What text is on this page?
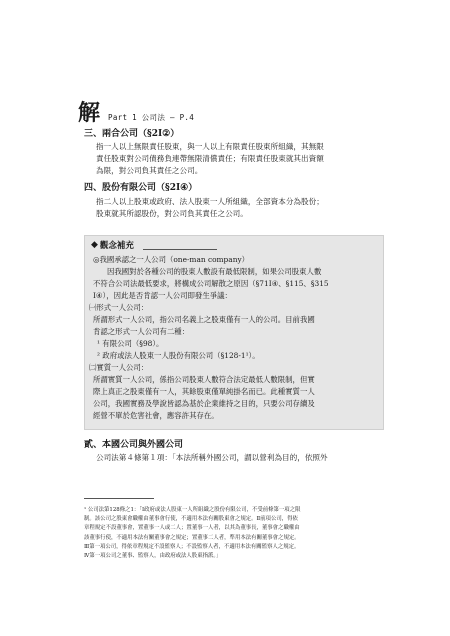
解 Part 1 公司法 — P.4
三、兩合公司（§2Ⅰ②）
指一人以上無限責任股東，與一人以上有限責任股東所組織，其無限
責任股東對公司債務負連帶無限清償責任；有限責任股東就其出資額
為限，對公司負其責任之公司。
四、股份有限公司（§2Ⅰ④）
指二人以上股東或政府、法人股東一人所組織，全部資本分為股份；
股東就其所認股份，對公司負其責任之公司。
◆ 觀念補充
◎我國承認之一人公司（one-man company）
因我國對於各種公司的股東人數設有最低限制，如果公司股東人數
不符合公司法最低要求，將構成公司解散之原因（§71Ⅰ④、§115、§315
Ⅰ④），因此是否肯認一人公司即發生爭議：
㈠形式一人公司：
所謂形式一人公司，指公司名義上之股東僅有一人的公司。目前我國
肯認之形式一人公司有二種：
¹ 有限公司（§98）。
² 政府或法人股東一人股份有限公司（§128-1¹）。
㈡實質一人公司：
所謂實質一人公司，係指公司股東人數符合法定最低人數限制，但實
際上真正之股東僅有一人，其餘股東僅單純掛名而已。此種實質一人
公司，我國實務及學說皆認為基於企業維持之目的，只要公司存續及
經營不單於危害社會，應容許其存在。
貳、本國公司與外國公司
公司法第４條第１項：「本法所稱外國公司，謂以營利為目的，依照外
¹ 公司法第128條之1：「Ⅰ政府或法人股東一人所組織之股份有限公司，不受前條第一項之限
制。該公司之股東會職權由董事會行使，不適用本法有關股東會之規定。Ⅱ前項公司，得依
章程規定不設董事會，置董事一人或二人；置董事一人者，以其為董事長，董事會之職權由
該董事行使，不適用本法有關董事會之規定；置董事二人者，準用本法有關董事會之規定。
Ⅲ第一項公司，得依章程規定不設監察人；不設監察人者，不適用本法有關監察人之規定。
Ⅳ第一項公司之董事、監察人，由政府或法人股東指派。」
